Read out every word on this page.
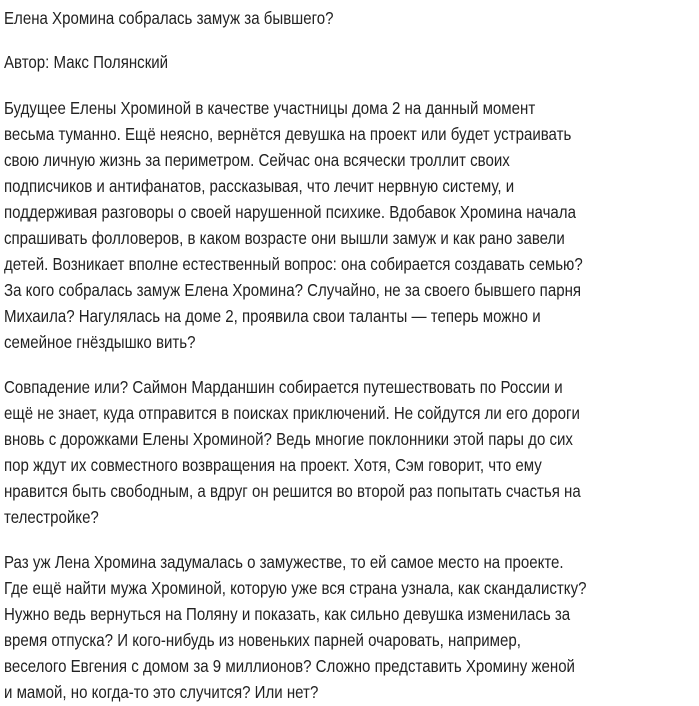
Елена Хромина собралась замуж за бывшего?
Автор: Макс Полянский
Будущее Елены Хроминой в качестве участницы дома 2 на данный момент
весьма туманно. Ещё неясно, вернётся девушка на проект или будет устраивать
свою личную жизнь за периметром. Сейчас она всячески троллит своих
подписчиков и антифанатов, рассказывая, что лечит нервную систему, и
поддерживая разговоры о своей нарушенной психике. Вдобавок Хромина начала
спрашивать фолловеров, в каком возрасте они вышли замуж и как рано завели
детей. Возникает вполне естественный вопрос: она собирается создавать семью?
За кого собралась замуж Елена Хромина? Случайно, не за своего бывшего парня
Михаила? Нагулялась на доме 2, проявила свои таланты — теперь можно и
семейное гнёздышко вить?
Совпадение или? Саймон Марданшин собирается путешествовать по России и
ещё не знает, куда отправится в поисках приключений. Не сойдутся ли его дороги
вновь с дорожками Елены Хроминой? Ведь многие поклонники этой пары до сих
пор ждут их совместного возвращения на проект. Хотя, Сэм говорит, что ему
нравится быть свободным, а вдруг он решится во второй раз попытать счастья на
телестройке?
Раз уж Лена Хромина задумалась о замужестве, то ей самое место на проекте.
Где ещё найти мужа Хроминой, которую уже вся страна узнала, как скандалистку?
Нужно ведь вернуться на Поляну и показать, как сильно девушка изменилась за
время отпуска? И кого-нибудь из новеньких парней очаровать, например,
веселого Евгения с домом за 9 миллионов? Сложно представить Хромину женой
и мамой, но когда-то это случится? Или нет?
